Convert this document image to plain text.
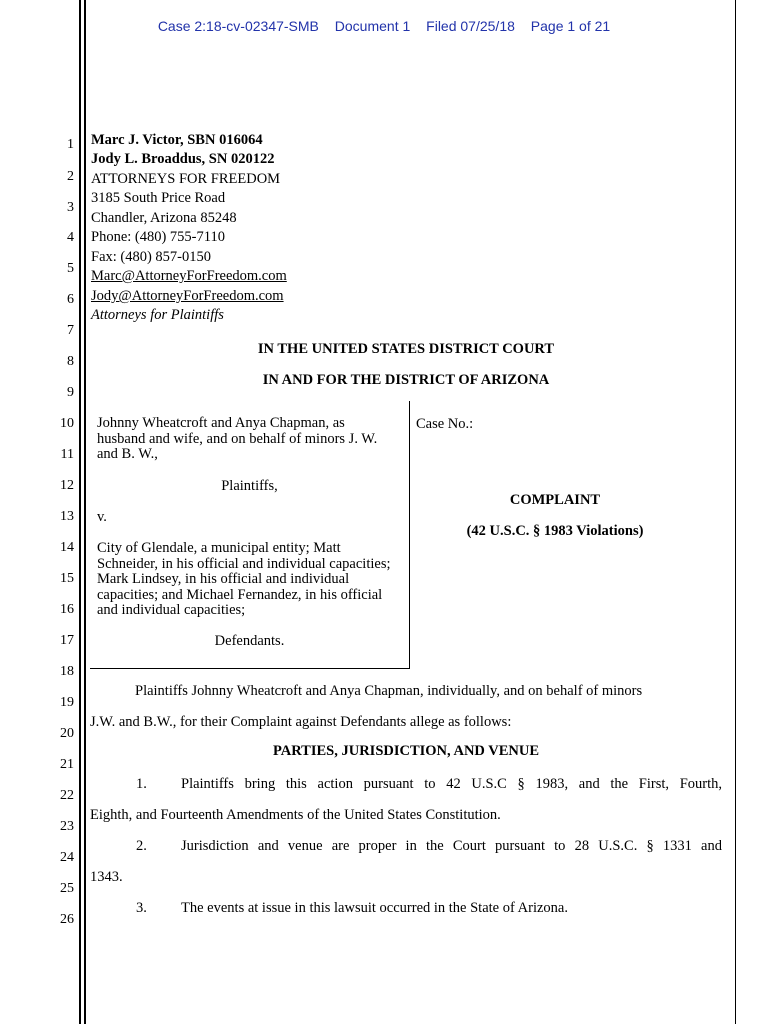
Case 2:18-cv-02347-SMB Document 1 Filed 07/25/18 Page 1 of 21
1
2
3
4
5
6
7
8
9
10
11
12
13
14
15
16
17
18
19
20
21
22
23
24
25
26
Marc J. Victor, SBN 016064
Jody L. Broaddus, SN 020122
ATTORNEYS FOR FREEDOM
3185 South Price Road
Chandler, Arizona 85248
Phone: (480) 755-7110
Fax: (480) 857-0150
Marc@AttorneyForFreedom.com
Jody@AttorneyForFreedom.com
Attorneys for Plaintiffs
IN THE UNITED STATES DISTRICT COURT
IN AND FOR THE DISTRICT OF ARIZONA
Johnny Wheatcroft and Anya Chapman, as husband and wife, and on behalf of minors J. W. and B. W.,
Plaintiffs,
v.
City of Glendale, a municipal entity; Matt Schneider, in his official and individual capacities; Mark Lindsey, in his official and individual capacities; and Michael Fernandez, in his official and individual capacities;
Defendants.
Case No.:
COMPLAINT
(42 U.S.C. § 1983 Violations)
Plaintiffs Johnny Wheatcroft and Anya Chapman, individually, and on behalf of minors
J.W. and B.W., for their Complaint against Defendants allege as follows:
PARTIES, JURISDICTION, AND VENUE
1. Plaintiffs bring this action pursuant to 42 U.S.C § 1983, and the First, Fourth,
Eighth, and Fourteenth Amendments of the United States Constitution.
2. Jurisdiction and venue are proper in the Court pursuant to 28 U.S.C. § 1331 and
1343.
3. The events at issue in this lawsuit occurred in the State of Arizona.
